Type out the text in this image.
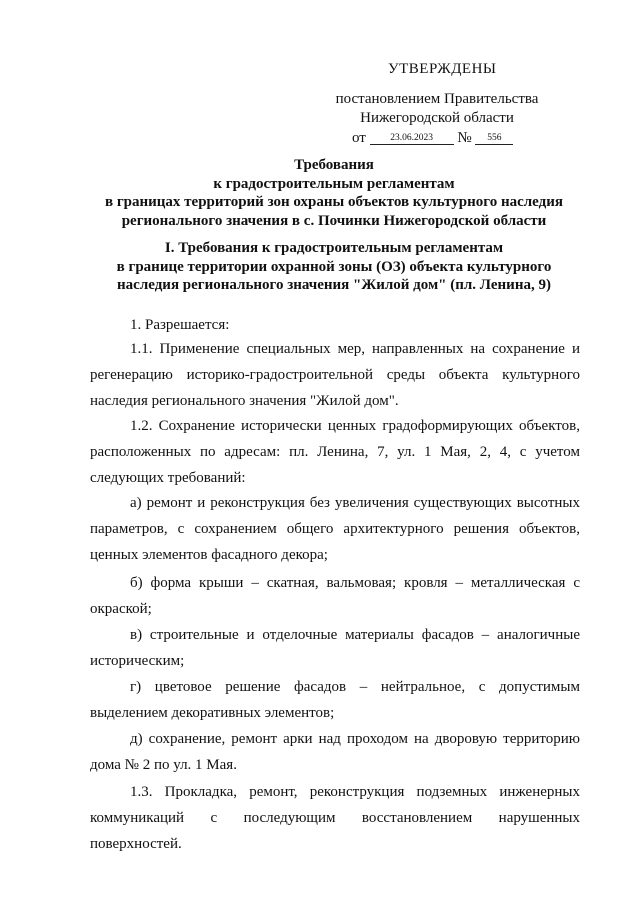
УТВЕРЖДЕНЫ
постановлением Правительства
Нижегородской области
от	23.06.2023 № 556
Требования
к градостроительным регламентам
в границах территорий зон охраны объектов культурного наследия
регионального значения в с. Починки Нижегородской области
I. Требования к градостроительным регламентам
в границе территории охранной зоны (ОЗ) объекта культурного
наследия регионального значения "Жилой дом" (пл. Ленина, 9)

1. Разрешается:

1.1. Применение специальных мер, направленных на сохранение и регенерацию историко-градостроительной среды объекта культурного наследия регионального значения "Жилой дом".

1.2. Сохранение исторически ценных градоформирующих объектов, расположенных по адресам: пл. Ленина, 7, ул. 1 Мая, 2, 4, с учетом следующих требований:

а) ремонт и реконструкция без увеличения существующих высотных параметров, с сохранением общего архитектурного решения объектов, ценных элементов фасадного декора;

б) форма крыши – скатная, вальмовая; кровля – металлическая с окраской;

в) строительные и отделочные материалы фасадов – аналогичные историческим;

г) цветовое решение фасадов – нейтральное, с допустимым выделением декоративных элементов;

д) сохранение, ремонт арки над проходом на дворовую территорию дома № 2 по ул. 1 Мая.

1.3. Прокладка, ремонт, реконструкция подземных инженерных
коммуникаций с последующим восстановлением нарушенных
поверхностей.
